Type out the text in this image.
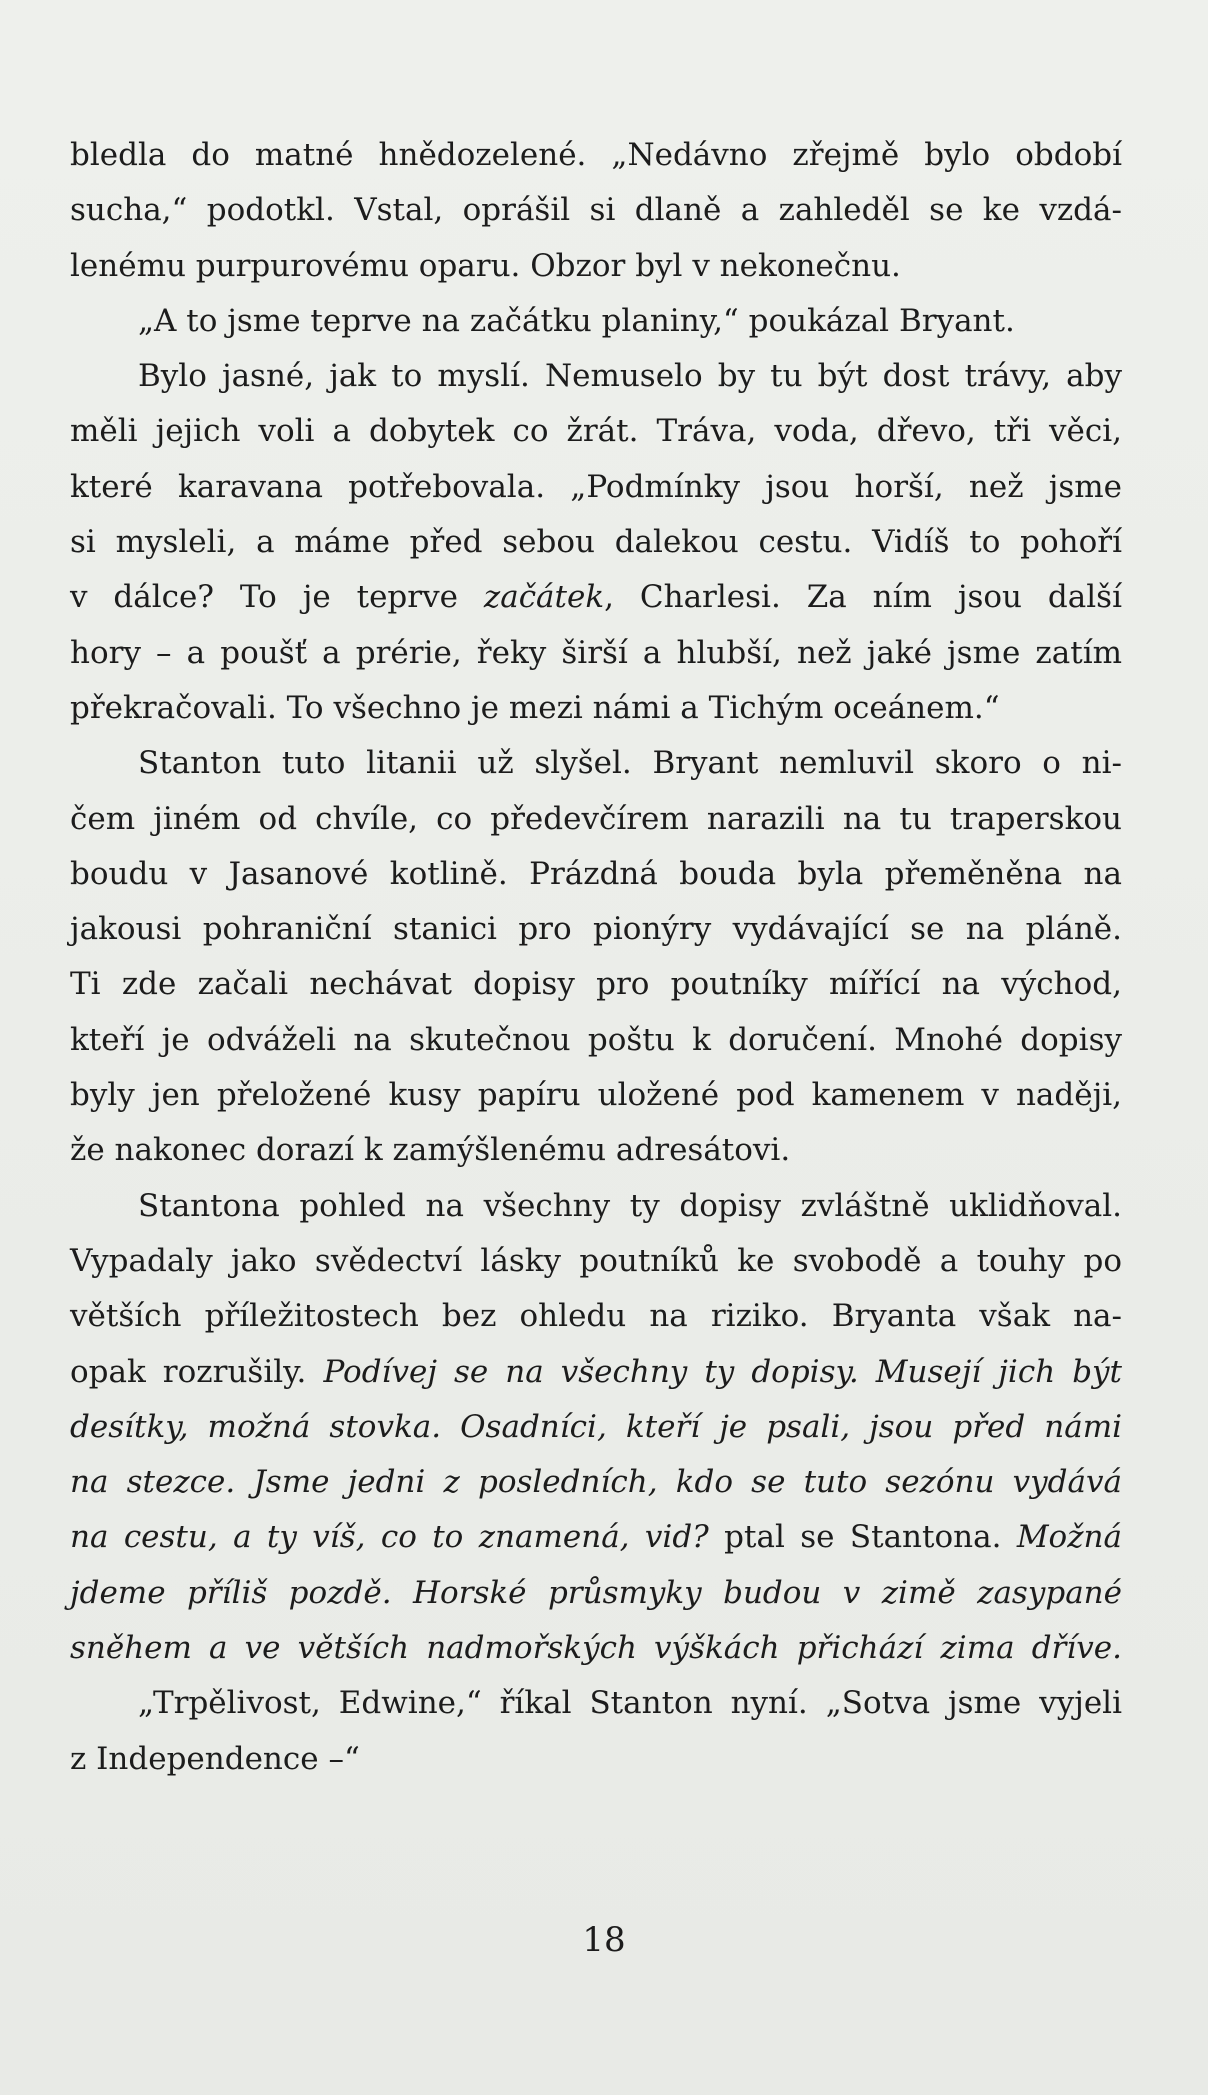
bledla do matné hnědozelené. „Nedávno zřejmě bylo období
sucha,“ podotkl. Vstal, oprášil si dlaně a zahleděl se ke vzdá-
lenému purpurovému oparu. Obzor byl v nekonečnu.
„A to jsme teprve na začátku planiny,“ poukázal Bryant.
Bylo jasné, jak to myslí. Nemuselo by tu být dost trávy, aby
měli jejich voli a dobytek co žrát. Tráva, voda, dřevo, tři věci,
které karavana potřebovala. „Podmínky jsou horší, než jsme
si mysleli, a máme před sebou dalekou cestu. Vidíš to pohoří
v dálce? To je teprve začátek, Charlesi. Za ním jsou další
hory – a poušť a prérie, řeky širší a hlubší, než jaké jsme zatím
překračovali. To všechno je mezi námi a Tichým oceánem.“
Stanton tuto litanii už slyšel. Bryant nemluvil skoro o ni-
čem jiném od chvíle, co předevčírem narazili na tu traperskou
boudu v Jasanové kotlině. Prázdná bouda byla přeměněna na
jakousi pohraniční stanici pro pionýry vydávající se na pláně.
Ti zde začali nechávat dopisy pro poutníky mířící na východ,
kteří je odváželi na skutečnou poštu k doručení. Mnohé dopisy
byly jen přeložené kusy papíru uložené pod kamenem v naději,
že nakonec dorazí k zamýšlenému adresátovi.
Stantona pohled na všechny ty dopisy zvláštně uklidňoval.
Vypadaly jako svědectví lásky poutníků ke svobodě a touhy po
větších příležitostech bez ohledu na riziko. Bryanta však na-
opak rozrušily. Podívej se na všechny ty dopisy. Musejí jich být
desítky, možná stovka. Osadníci, kteří je psali, jsou před námi
na stezce. Jsme jedni z posledních, kdo se tuto sezónu vydává
na cestu, a ty víš, co to znamená, vid? ptal se Stantona. Možná
jdeme příliš pozdě. Horské průsmyky budou v zimě zasypané
sněhem a ve větších nadmořských výškách přichází zima dříve.
„Trpělivost, Edwine,“ říkal Stanton nyní. „Sotva jsme vyjeli
z Independence –“
18
